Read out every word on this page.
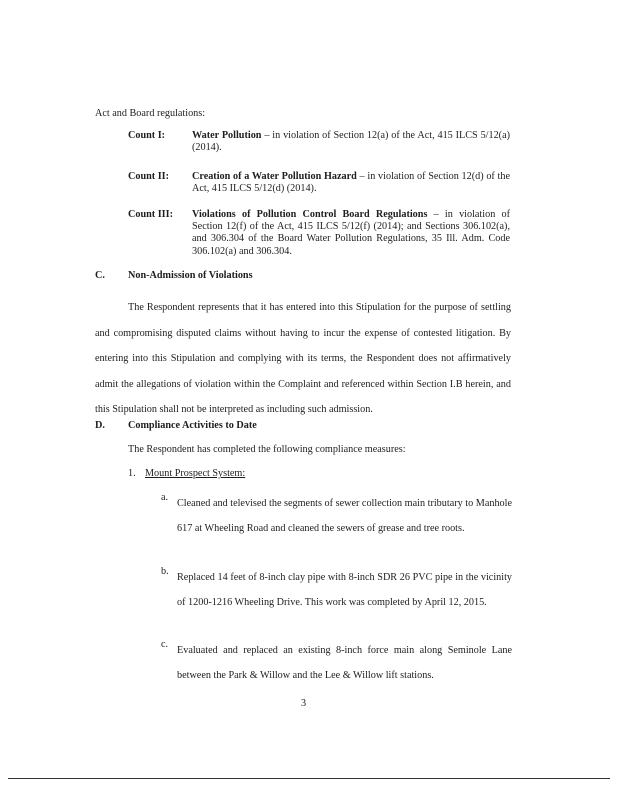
Act and Board regulations:
Count I:	Water Pollution – in violation of Section 12(a) of the Act, 415 ILCS 5/12(a) (2014).
Count II: Creation of a Water Pollution Hazard – in violation of Section 12(d) of the Act, 415 ILCS 5/12(d) (2014).
Count III: Violations of Pollution Control Board Regulations – in violation of Section 12(f) of the Act, 415 ILCS 5/12(f) (2014); and Sections 306.102(a), and 306.304 of the Board Water Pollution Regulations, 35 Ill. Adm. Code 306.102(a) and 306.304.
C. Non-Admission of Violations
The Respondent represents that it has entered into this Stipulation for the purpose of settling and compromising disputed claims without having to incur the expense of contested litigation. By entering into this Stipulation and complying with its terms, the Respondent does not affirmatively admit the allegations of violation within the Complaint and referenced within Section I.B herein, and this Stipulation shall not be interpreted as including such admission.
D. Compliance Activities to Date
The Respondent has completed the following compliance measures:
1. Mount Prospect System:
a.
Cleaned and televised the segments of sewer collection main tributary to Manhole 617 at Wheeling Road and cleaned the sewers of grease and tree roots.
b.
Replaced 14 feet of 8-inch clay pipe with 8-inch SDR 26 PVC pipe in the vicinity of 1200-1216 Wheeling Drive. This work was completed by April 12, 2015.
c.
Evaluated and replaced an existing 8-inch force main along Seminole Lane between the Park & Willow and the Lee & Willow lift stations.
3
